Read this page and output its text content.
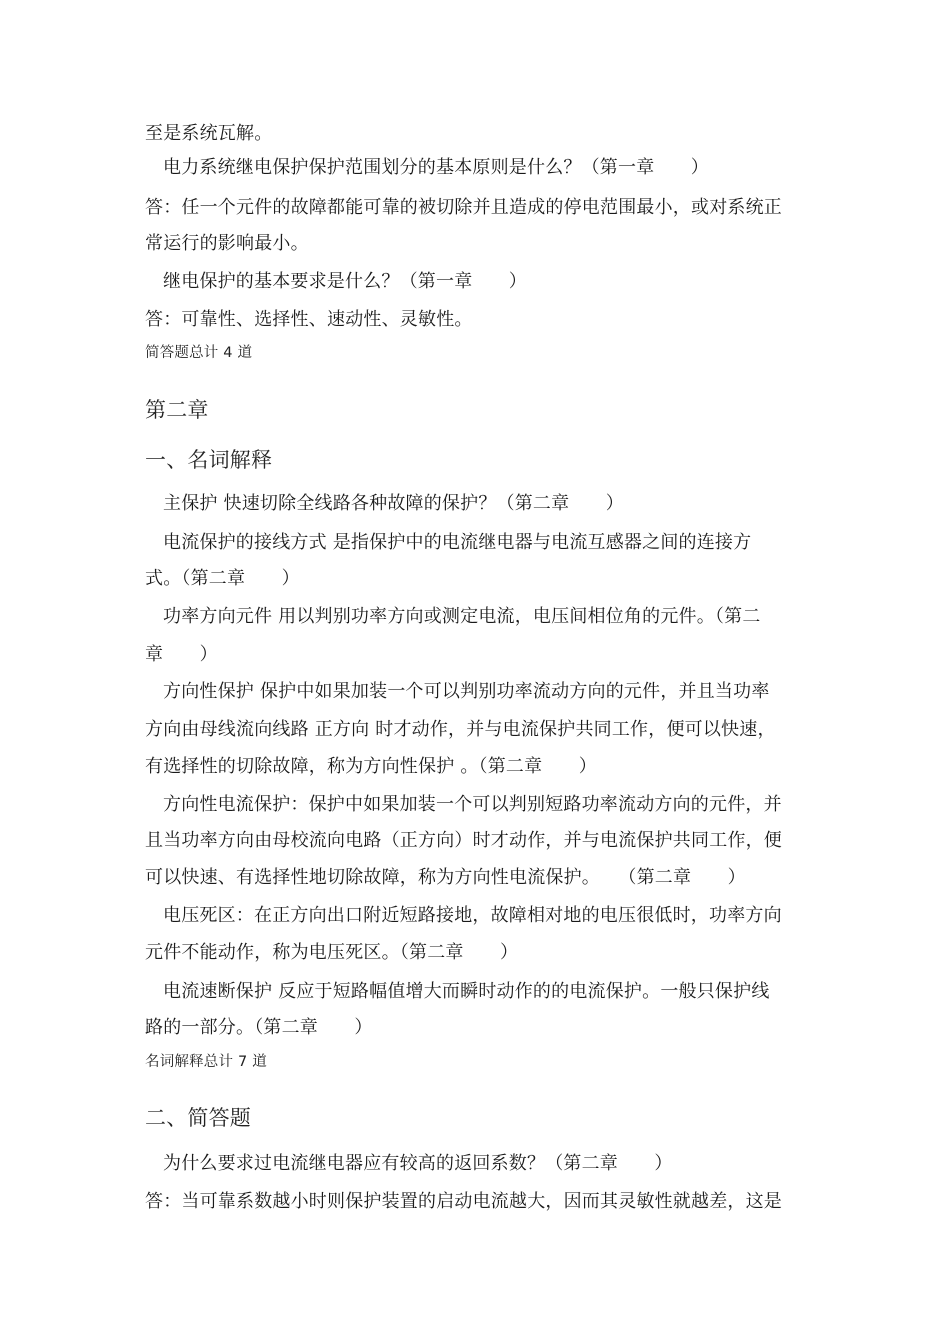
至是系统瓦解。
电力系统继电保护保护范围划分的基本原则是什么？（第一章　　）
答：任一个元件的故障都能可靠的被切除并且造成的停电范围最小，或对系统正
常运行的影响最小。
继电保护的基本要求是什么？（第一章　　）
答：可靠性、选择性、速动性、灵敏性。
简答题总计 4 道
第二章
一、名词解释
主保护 快速切除全线路各种故障的保护？（第二章　　）
电流保护的接线方式 是指保护中的电流继电器与电流互感器之间的连接方
式。（第二章　　）
功率方向元件 用以判别功率方向或测定电流，电压间相位角的元件。（第二
章　　）
方向性保护 保护中如果加装一个可以判别功率流动方向的元件，并且当功率
方向由母线流向线路 正方向 时才动作，并与电流保护共同工作，便可以快速，
有选择性的切除故障，称为方向性保护 。（第二章　　）
方向性电流保护：保护中如果加装一个可以判别短路功率流动方向的元件，并
且当功率方向由母校流向电路（正方向）时才动作，并与电流保护共同工作，便
可以快速、有选择性地切除故障，称为方向性电流保护。　　（第二章　　）
电压死区：在正方向出口附近短路接地，故障相对地的电压很低时，功率方向
元件不能动作，称为电压死区。（第二章　　）
电流速断保护 反应于短路幅值增大而瞬时动作的的电流保护。一般只保护线
路的一部分。（第二章　　）
名词解释总计 7 道
二、简答题
为什么要求过电流继电器应有较高的返回系数？（第二章　　）
答：当可靠系数越小时则保护装置的启动电流越大，因而其灵敏性就越差，这是
